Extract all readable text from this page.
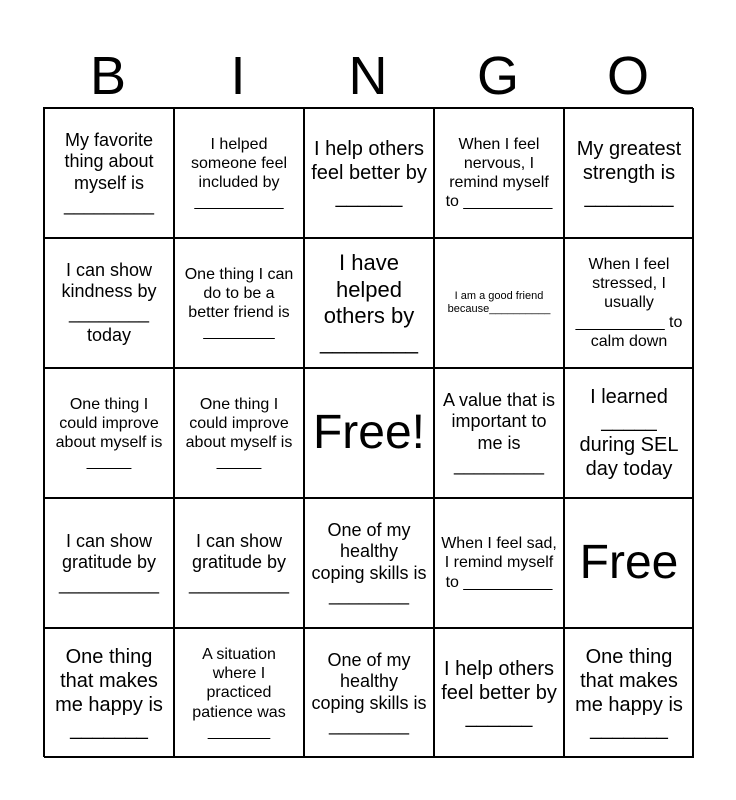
B	I	N	G	O
My favorite thing about myself is _________
I helped someone feel included by __________
I help others feel better by ______
When I feel nervous, I remind myself to __________
My greatest strength is ________
I can show kindness by ________ today
One thing I can do to be a better friend is ________
I have helped others by ________
I am a good friend because__________
When I feel stressed, I usually __________ to calm down
One thing I could improve about myself is _____
One thing I could improve about myself is _____
Free!
A value that is important to me is _________
I learned _____ during SEL day today
I can show gratitude by __________
I can show gratitude by __________
One of my healthy coping skills is ________
When I feel sad, I remind myself to __________ Free
One thing that makes me happy is _______
A situation where I practiced patience was _______
One of my healthy coping skills is ________
I help others feel better by ______
One thing that makes me happy is _______
